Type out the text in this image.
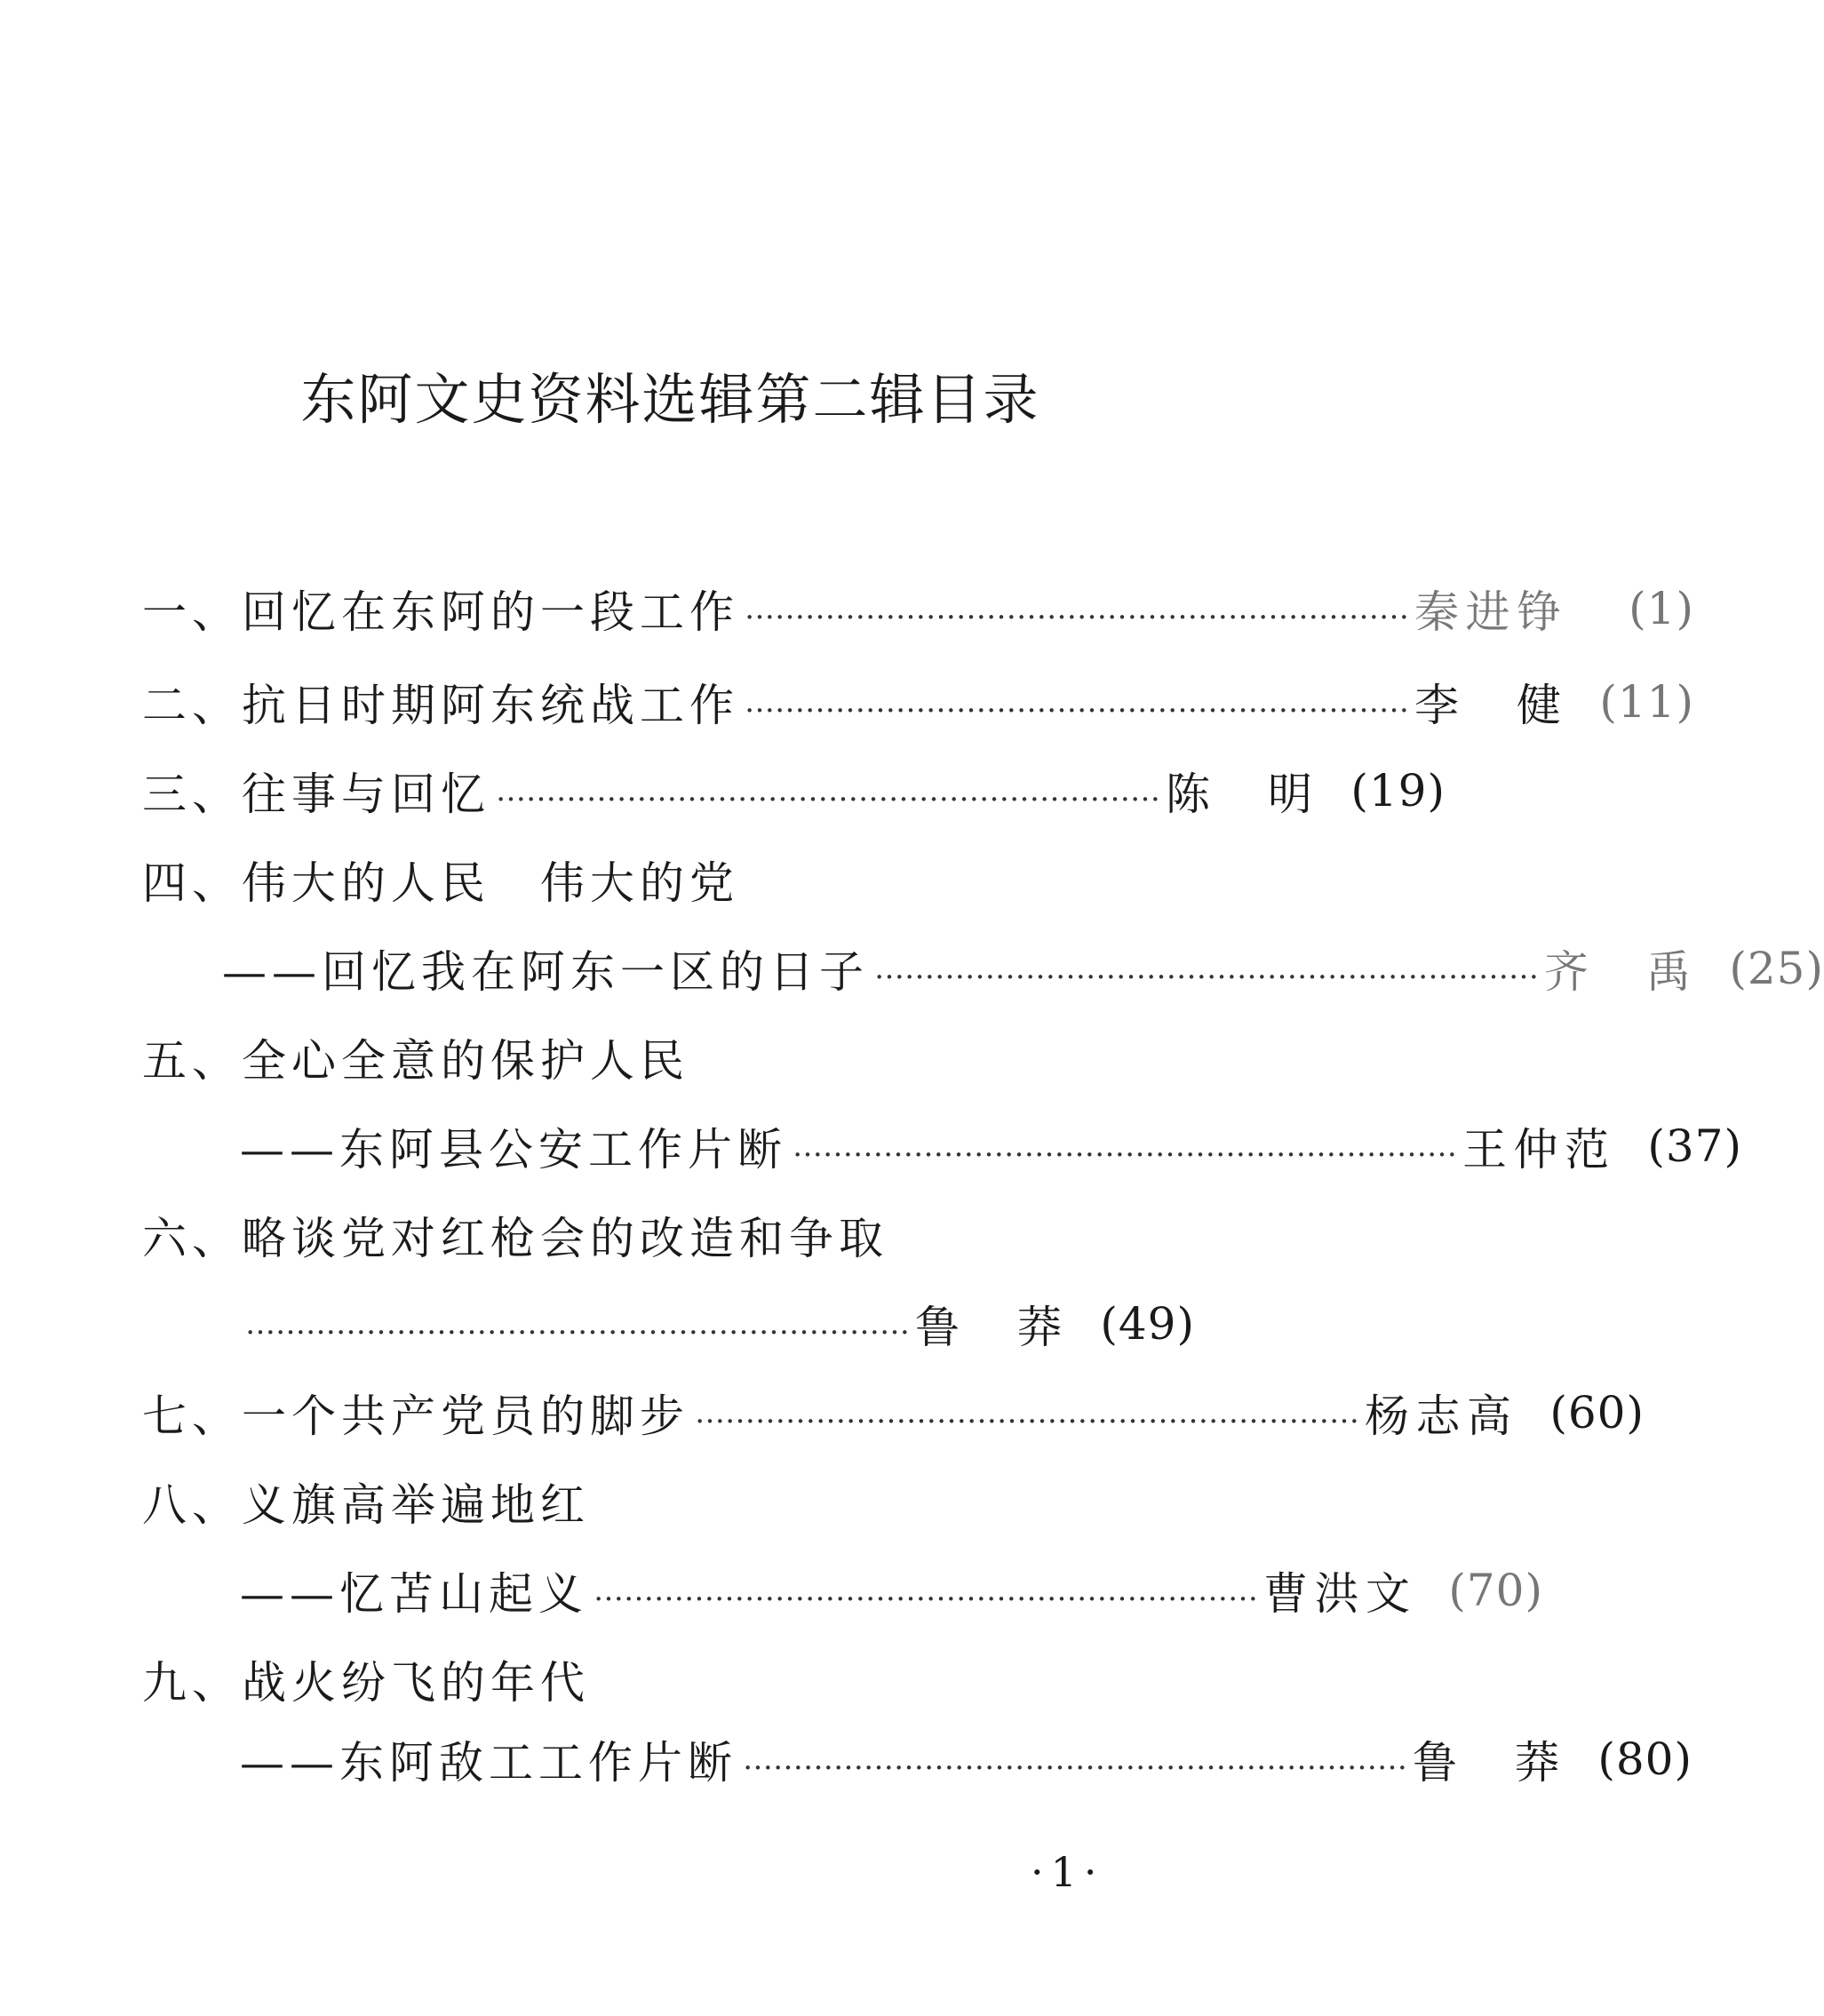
东阿文史资料选辑第二辑目录
一、 回忆在东阿的一段工作 ………………………………………………………… 秦进铮	(1)
二、 抗日时期阿东统战工作 ………………………………………………………… 李　健 (11)
三、 往事与回忆 ………………………………………………………… 陈　明 (19)
四、 伟大的人民　伟大的党
——回忆我在阿东一区的日子 ………………………………………………………… 齐　禹 (25)
五、 全心全意的保护人民
——东阿县公安工作片断 ………………………………………………………… 王仲范 (37)
六、 略谈党对红枪会的改造和争取
………………………………………………………… 鲁　莽 (49)
七、 一个共产党员的脚步 ………………………………………………………… 杨志高 (60)
八、 义旗高举遍地红
——忆苫山起义 ………………………………………………………… 曹洪文 (70)
九、 战火纷飞的年代
——东阿敌工工作片断 ………………………………………………………… 鲁　莽 (80)
·1·
